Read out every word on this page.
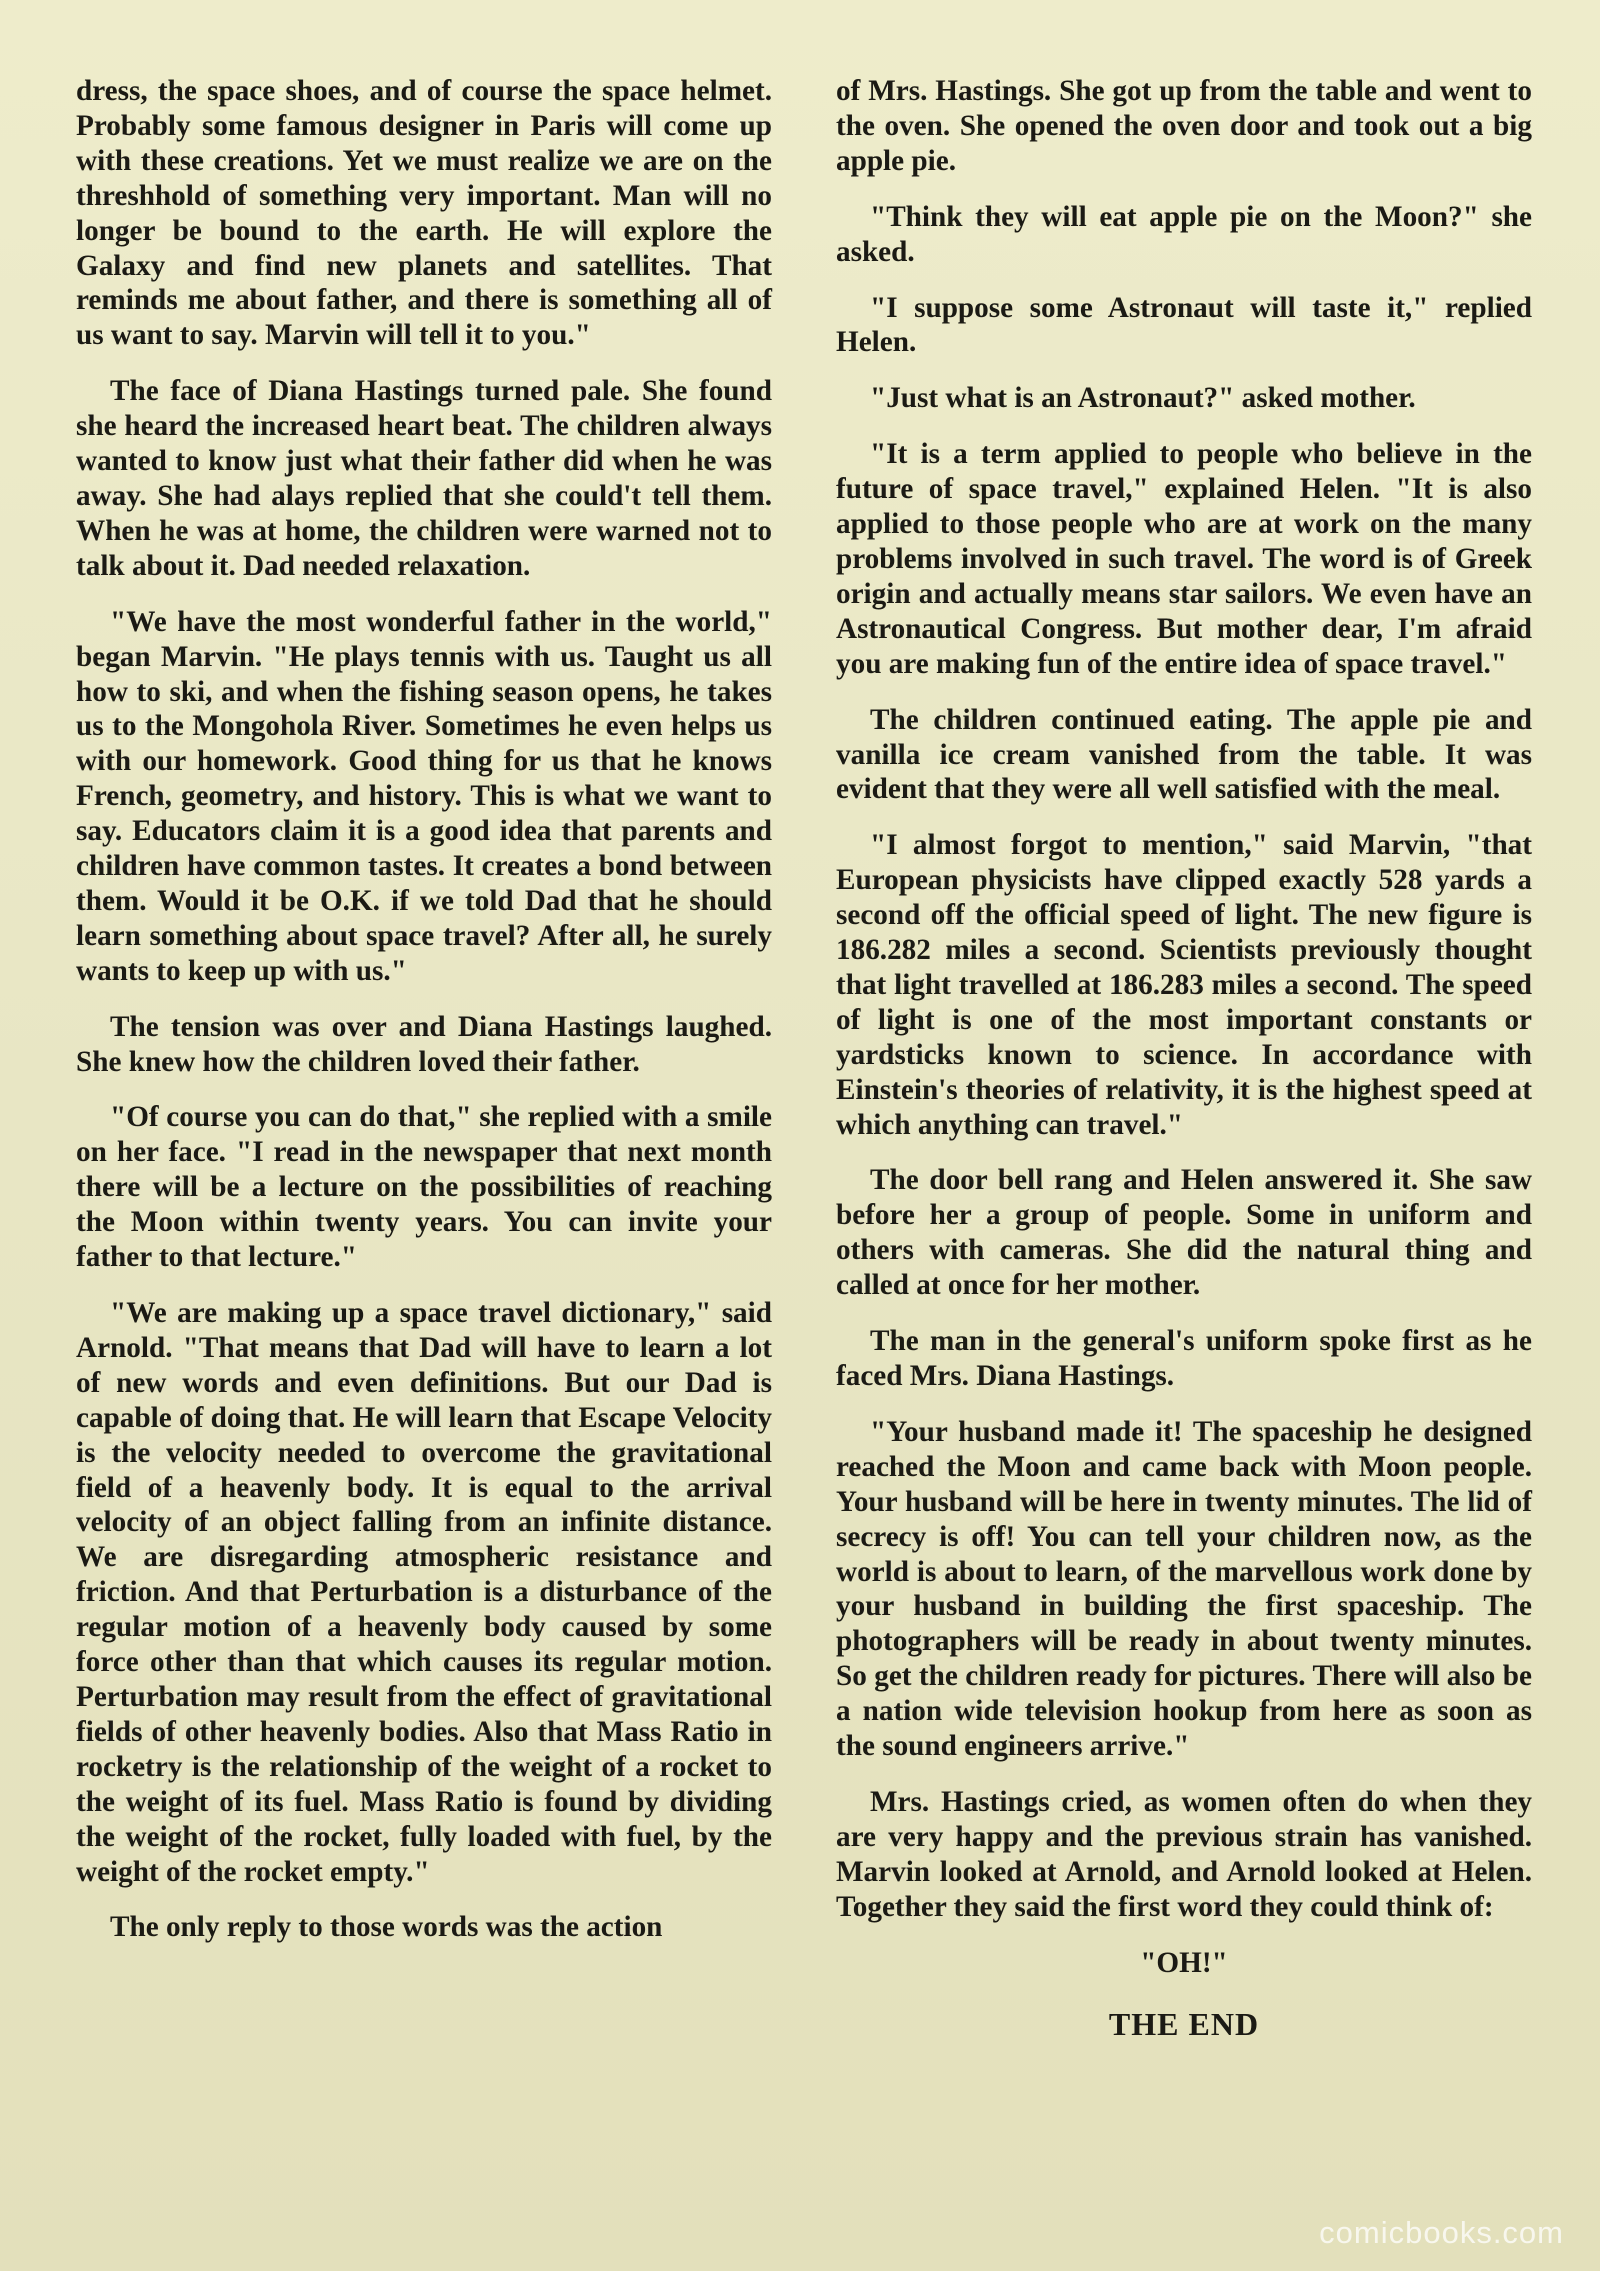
dress, the space shoes, and of course the space helmet. Probably some famous designer in Paris will come up with these creations. Yet we must realize we are on the threshhold of something very important. Man will no longer be bound to the earth. He will explore the Galaxy and find new planets and satellites. That reminds me about father, and there is something all of us want to say. Marvin will tell it to you."

The face of Diana Hastings turned pale. She found she heard the increased heart beat. The children always wanted to know just what their father did when he was away. She had alays replied that she could't tell them. When he was at home, the children were warned not to talk about it. Dad needed relaxation.

"We have the most wonderful father in the world," began Marvin. "He plays tennis with us. Taught us all how to ski, and when the fishing season opens, he takes us to the Mongohola River. Sometimes he even helps us with our homework. Good thing for us that he knows French, geometry, and history. This is what we want to say. Educators claim it is a good idea that parents and children have common tastes. It creates a bond between them. Would it be O.K. if we told Dad that he should learn something about space travel? After all, he surely wants to keep up with us."

The tension was over and Diana Hastings laughed. She knew how the children loved their father.

"Of course you can do that," she replied with a smile on her face. "I read in the newspaper that next month there will be a lecture on the possibilities of reaching the Moon within twenty years. You can invite your father to that lecture."

"We are making up a space travel dictionary," said Arnold. "That means that Dad will have to learn a lot of new words and even definitions. But our Dad is capable of doing that. He will learn that Escape Velocity is the velocity needed to overcome the gravitational field of a heavenly body. It is equal to the arrival velocity of an object falling from an infinite distance. We are disregarding atmospheric resistance and friction. And that Perturbation is a disturbance of the regular motion of a heavenly body caused by some force other than that which causes its regular motion. Perturbation may result from the effect of gravitational fields of other heavenly bodies. Also that Mass Ratio in rocketry is the relationship of the weight of a rocket to the weight of its fuel. Mass Ratio is found by dividing the weight of the rocket, fully loaded with fuel, by the weight of the rocket empty."

The only reply to those words was the action

of Mrs. Hastings. She got up from the table and went to the oven. She opened the oven door and took out a big apple pie.

"Think they will eat apple pie on the Moon?" she asked.

"I suppose some Astronaut will taste it," replied Helen.

"Just what is an Astronaut?" asked mother.

"It is a term applied to people who believe in the future of space travel," explained Helen. "It is also applied to those people who are at work on the many problems involved in such travel. The word is of Greek origin and actually means star sailors. We even have an Astronautical Congress. But mother dear, I'm afraid you are making fun of the entire idea of space travel."

The children continued eating. The apple pie and vanilla ice cream vanished from the table. It was evident that they were all well satisfied with the meal.

"I almost forgot to mention," said Marvin, "that European physicists have clipped exactly 528 yards a second off the official speed of light. The new figure is 186.282 miles a second. Scientists previously thought that light travelled at 186.283 miles a second. The speed of light is one of the most important constants or yardsticks known to science. In accordance with Einstein's theories of relativity, it is the highest speed at which anything can travel."

The door bell rang and Helen answered it. She saw before her a group of people. Some in uniform and others with cameras. She did the natural thing and called at once for her mother.

The man in the general's uniform spoke first as he faced Mrs. Diana Hastings.

"Your husband made it! The spaceship he designed reached the Moon and came back with Moon people. Your husband will be here in twenty minutes. The lid of secrecy is off! You can tell your children now, as the world is about to learn, of the marvellous work done by your husband in building the first spaceship. The photographers will be ready in about twenty minutes. So get the children ready for pictures. There will also be a nation wide television hookup from here as soon as the sound engineers arrive."

Mrs. Hastings cried, as women often do when they are very happy and the previous strain has vanished. Marvin looked at Arnold, and Arnold looked at Helen. Together they said the first word they could think of:

"OH!"

THE END

comicbooks.com
